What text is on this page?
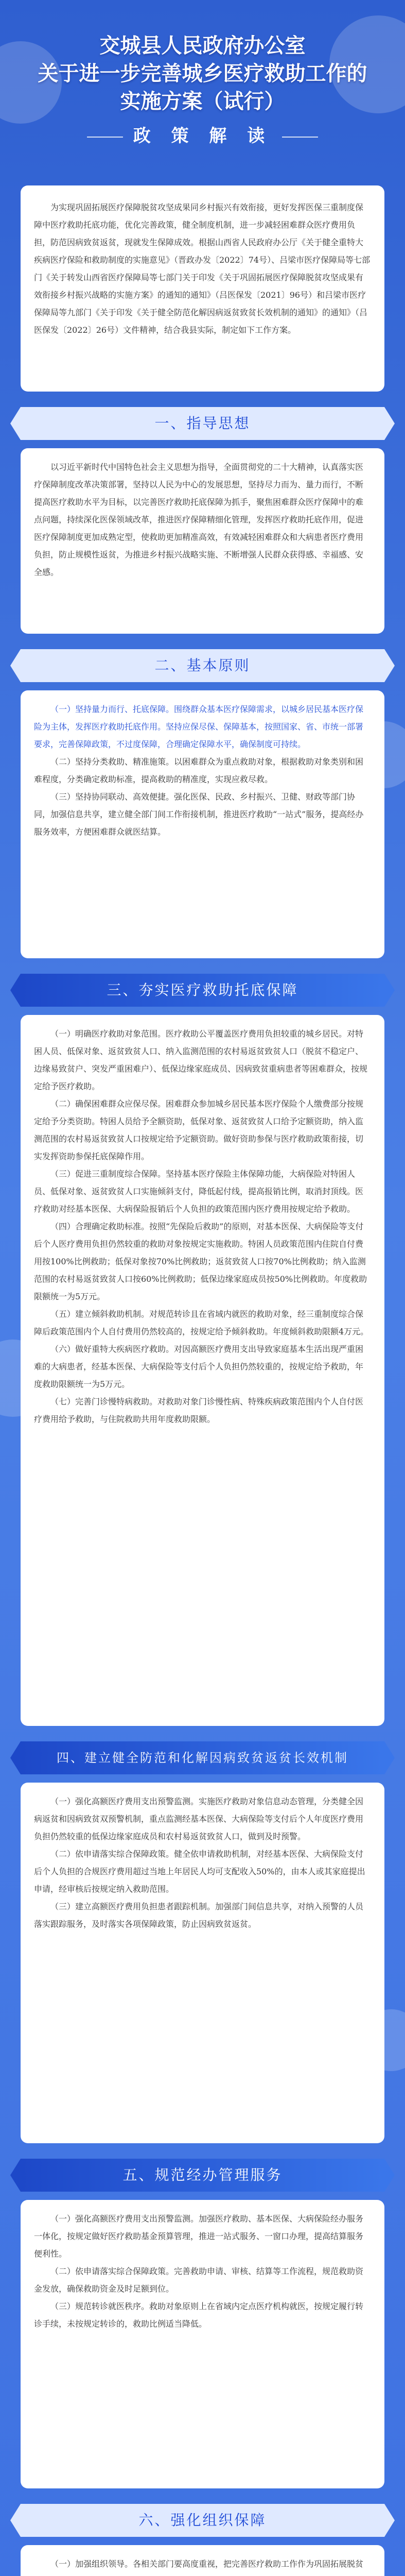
交城县人民政府办公室
关于进一步完善城乡医疗救助工作的
实施方案（试行）
政 策 解 读

为实现巩固拓展医疗保障脱贫攻坚成果同乡村振兴有效衔接，更好发挥医保三重制度保障中医疗救助托底功能，优化完善政策，健全制度机制，进一步减轻困难群众医疗费用负担，防范因病致贫返贫，现就发生保障成效。根据山西省人民政府办公厅《关于健全重特大疾病医疗保险和救助制度的实施意见》（晋政办发〔2022〕74号）、吕梁市医疗保障局等七部门《关于转发山西省医疗保障局等七部门关于印发《关于巩固拓展医疗保障脱贫攻坚成果有效衔接乡村振兴战略的实施方案》的通知的通知》（吕医保发〔2021〕96号）和吕梁市医疗保障局等九部门《关于印发《关于健全防范化解因病返贫致贫长效机制的通知》的通知》（吕医保发〔2022〕26号）文件精神，结合我县实际，制定如下工作方案。

一、指导思想

以习近平新时代中国特色社会主义思想为指导，全面贯彻党的二十大精神，认真落实医疗保障制度改革决策部署，坚持以人民为中心的发展思想，坚持尽力而为、量力而行，不断提高医疗救助水平为目标，以完善医疗救助托底保障为抓手，聚焦困难群众医疗保障中的难点问题，持续深化医保领域改革，推进医疗保障精细化管理，发挥医疗救助托底作用，促进医疗保障制度更加成熟定型，使救助更加精准高效，有效减轻困难群众和大病患者医疗费用负担，防止规模性返贫，为推进乡村振兴战略实施、不断增强人民群众获得感、幸福感、安全感。

二、基本原则

（一）坚持量力而行、托底保障。围绕群众基本医疗保障需求，以城乡居民基本医疗保险为主体，发挥医疗救助托底作用。坚持应保尽保、保障基本，按照国家、省、市统一部署要求，完善保障政策，不过度保障，合理确定保障水平，确保制度可持续。

（二）坚持分类救助、精准施策。以困难群众为重点救助对象，根据救助对象类别和困难程度，分类确定救助标准，提高救助的精准度，实现应救尽救。

（三）坚持协同联动、高效便捷。强化医保、民政、乡村振兴、卫健、财政等部门协同，加强信息共享，建立健全部门间工作衔接机制，推进医疗救助“一站式”服务，提高经办服务效率，方便困难群众就医结算。

三、夯实医疗救助托底保障

（一）明确医疗救助对象范围。医疗救助公平覆盖医疗费用负担较重的城乡居民。对特困人员、低保对象、返贫致贫人口、纳入监测范围的农村易返贫致贫人口（脱贫不稳定户、边缘易致贫户、突发严重困难户）、低保边缘家庭成员、因病致贫重病患者等困难群众，按规定给予医疗救助。

（二）确保困难群众应保尽保。困难群众参加城乡居民基本医疗保险个人缴费部分按规定给予分类资助。特困人员给予全额资助，低保对象、返贫致贫人口给予定额资助，纳入监测范围的农村易返贫致贫人口按规定给予定额资助。做好资助参保与医疗救助政策衔接，切实发挥资助参保托底保障作用。

（三）促进三重制度综合保障。坚持基本医疗保险主体保障功能，大病保险对特困人员、低保对象、返贫致贫人口实施倾斜支付，降低起付线，提高报销比例，取消封顶线。医疗救助对经基本医保、大病保险报销后个人负担的政策范围内医疗费用按规定给予救助。

（四）合理确定救助标准。按照“先保险后救助”的原则，对基本医保、大病保险等支付后个人医疗费用负担仍然较重的救助对象按规定实施救助。特困人员政策范围内住院自付费用按100%比例救助；低保对象按70%比例救助；返贫致贫人口按70%比例救助；纳入监测范围的农村易返贫致贫人口按60%比例救助；低保边缘家庭成员按50%比例救助。年度救助限额统一为5万元。

（五）建立倾斜救助机制。对规范转诊且在省域内就医的救助对象，经三重制度综合保障后政策范围内个人自付费用仍然较高的，按规定给予倾斜救助。年度倾斜救助限额4万元。

（六）做好重特大疾病医疗救助。对因高额医疗费用支出导致家庭基本生活出现严重困难的大病患者，经基本医保、大病保险等支付后个人负担仍然较重的，按规定给予救助，年度救助限额统一为5万元。

（七）完善门诊慢特病救助。对救助对象门诊慢性病、特殊疾病政策范围内个人自付医疗费用给予救助，与住院救助共用年度救助限额。

四、建立健全防范和化解因病致贫返贫长效机制

（一）强化高额医疗费用支出预警监测。实施医疗救助对象信息动态管理，分类健全因病返贫和因病致贫双预警机制，重点监测经基本医保、大病保险等支付后个人年度医疗费用负担仍然较重的低保边缘家庭成员和农村易返贫致贫人口，做到及时预警。

（二）依申请落实综合保障政策。健全依申请救助机制，对经基本医保、大病保险支付后个人负担的合规医疗费用超过当地上年居民人均可支配收入50%的，由本人或其家庭提出申请，经审核后按规定纳入救助范围。

（三）建立高额医疗费用负担患者跟踪机制。加强部门间信息共享，对纳入预警的人员落实跟踪服务，及时落实各项保障政策，防止因病致贫返贫。

五、规范经办管理服务

（一）强化高额医疗费用支出预警监测。加强医疗救助、基本医保、大病保险经办服务一体化，按规定做好医疗救助基金预算管理，推进一站式服务、一窗口办理，提高结算服务便利性。

（二）依申请落实综合保障政策。完善救助申请、审核、结算等工作流程，规范救助资金发放，确保救助资金及时足额到位。

（三）规范转诊就医秩序。救助对象原则上在省域内定点医疗机构就医，按规定履行转诊手续，未按规定转诊的，救助比例适当降低。

六、强化组织保障

（一）加强组织领导。各相关部门要高度重视，把完善医疗救助工作作为巩固拓展脱贫
